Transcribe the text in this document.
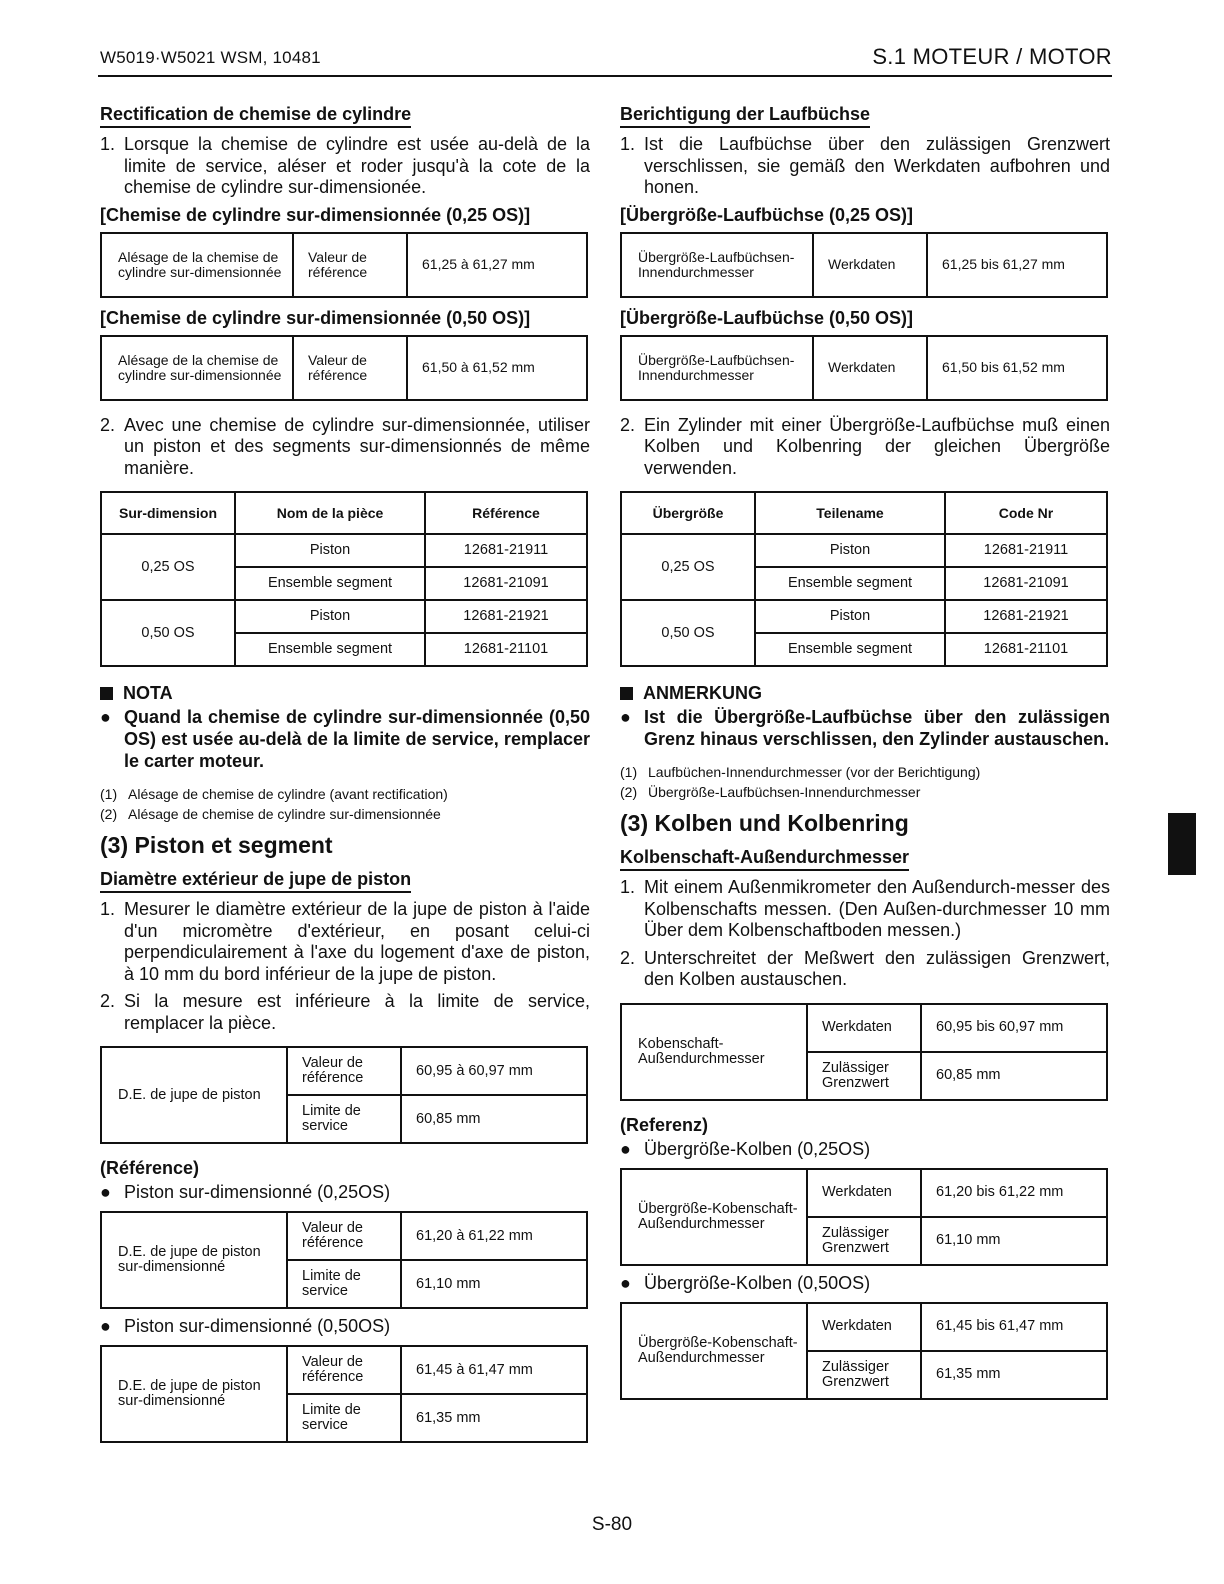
W5019·W5021 WSM, 10481	S.1 MOTEUR / MOTOR
Rectification de chemise de cylindre
1. Lorsque la chemise de cylindre est usée au-delà de la limite de service, aléser et roder jusqu'à la cote de la chemise de cylindre sur-dimensionée.
[Chemise de cylindre sur-dimensionnée (0,25 OS)]
Alésage de la chemise de cylindre sur-dimensionnée	Valeur de référence	61,25 à 61,27 mm
[Chemise de cylindre sur-dimensionnée (0,50 OS)]
Alésage de la chemise de cylindre sur-dimensionnée	Valeur de référence	61,50 à 61,52 mm
2. Avec une chemise de cylindre sur-dimensionnée, utiliser un piston et des segments sur-dimensionnés de même manière.
Sur-dimension	Nom de la pièce	Référence
0,25 OS	Piston	12681-21911
	Ensemble segment	12681-21091
0,50 OS	Piston	12681-21921
	Ensemble segment	12681-21101
NOTA
● Quand la chemise de cylindre sur-dimensionnée (0,50 OS) est usée au-delà de la limite de service, remplacer le carter moteur.
(1) Alésage de chemise de cylindre (avant rectification)
(2) Alésage de chemise de cylindre sur-dimensionnée
(3) Piston et segment
Diamètre extérieur de jupe de piston
1. Mesurer le diamètre extérieur de la jupe de piston à l'aide d'un micromètre d'extérieur, en posant celui-ci perpendiculairement à l'axe du logement d'axe de piston, à 10 mm du bord inférieur de la jupe de piston.
2. Si la mesure est inférieure à la limite de service, remplacer la pièce.
D.E. de jupe de piston	Valeur de référence	60,95 à 60,97 mm
	Limite de service	60,85 mm
(Référence)
● Piston sur-dimensionné (0,25OS)
D.E. de jupe de piston sur-dimensionné	Valeur de référence	61,20 à 61,22 mm
	Limite de service	61,10 mm
● Piston sur-dimensionné (0,50OS)
D.E. de jupe de piston sur-dimensionné	Valeur de référence	61,45 à 61,47 mm
	Limite de service	61,35 mm
Berichtigung der Laufbüchse
1. Ist die Laufbüchse über den zulässigen Grenzwert verschlissen, sie gemäß den Werkdaten aufbohren und honen.
[Übergröße-Laufbüchse (0,25 OS)]
Übergröße-Laufbüchsen-Innendurchmesser	Werkdaten	61,25 bis 61,27 mm
[Übergröße-Laufbüchse (0,50 OS)]
Übergröße-Laufbüchsen-Innendurchmesser	Werkdaten	61,50 bis 61,52 mm
2. Ein Zylinder mit einer Übergröße-Laufbüchse muß einen Kolben und Kolbenring der gleichen Übergröße verwenden.
Übergröße	Teilename	Code Nr
0,25 OS	Piston	12681-21911
	Ensemble segment	12681-21091
0,50 OS	Piston	12681-21921
	Ensemble segment	12681-21101
ANMERKUNG
● Ist die Übergröße-Laufbüchse über den zulässigen Grenz hinaus verschlissen, den Zylinder austauschen.
(1) Laufbüchen-Innendurchmesser (vor der Berichtigung)
(2) Übergröße-Laufbüchsen-Innendurchmesser
(3) Kolben und Kolbenring
Kolbenschaft-Außendurchmesser
1. Mit einem Außenmikrometer den Außendurch-messer des Kolbenschafts messen. (Den Außen-durchmesser 10 mm Über dem Kolbenschaftboden messen.)
2. Unterschreitet der Meßwert den zulässigen Grenzwert, den Kolben austauschen.
Kobenschaft-Außendurchmesser	Werkdaten	60,95 bis 60,97 mm
	Zulässiger Grenzwert	60,85 mm
(Referenz)
● Übergröße-Kolben (0,25OS)
Übergröße-Kobenschaft-Außendurchmesser	Werkdaten	61,20 bis 61,22 mm
	Zulässiger Grenzwert	61,10 mm
● Übergröße-Kolben (0,50OS)
Übergröße-Kobenschaft-Außendurchmesser	Werkdaten	61,45 bis 61,47 mm
	Zulässiger Grenzwert	61,35 mm
S-80
